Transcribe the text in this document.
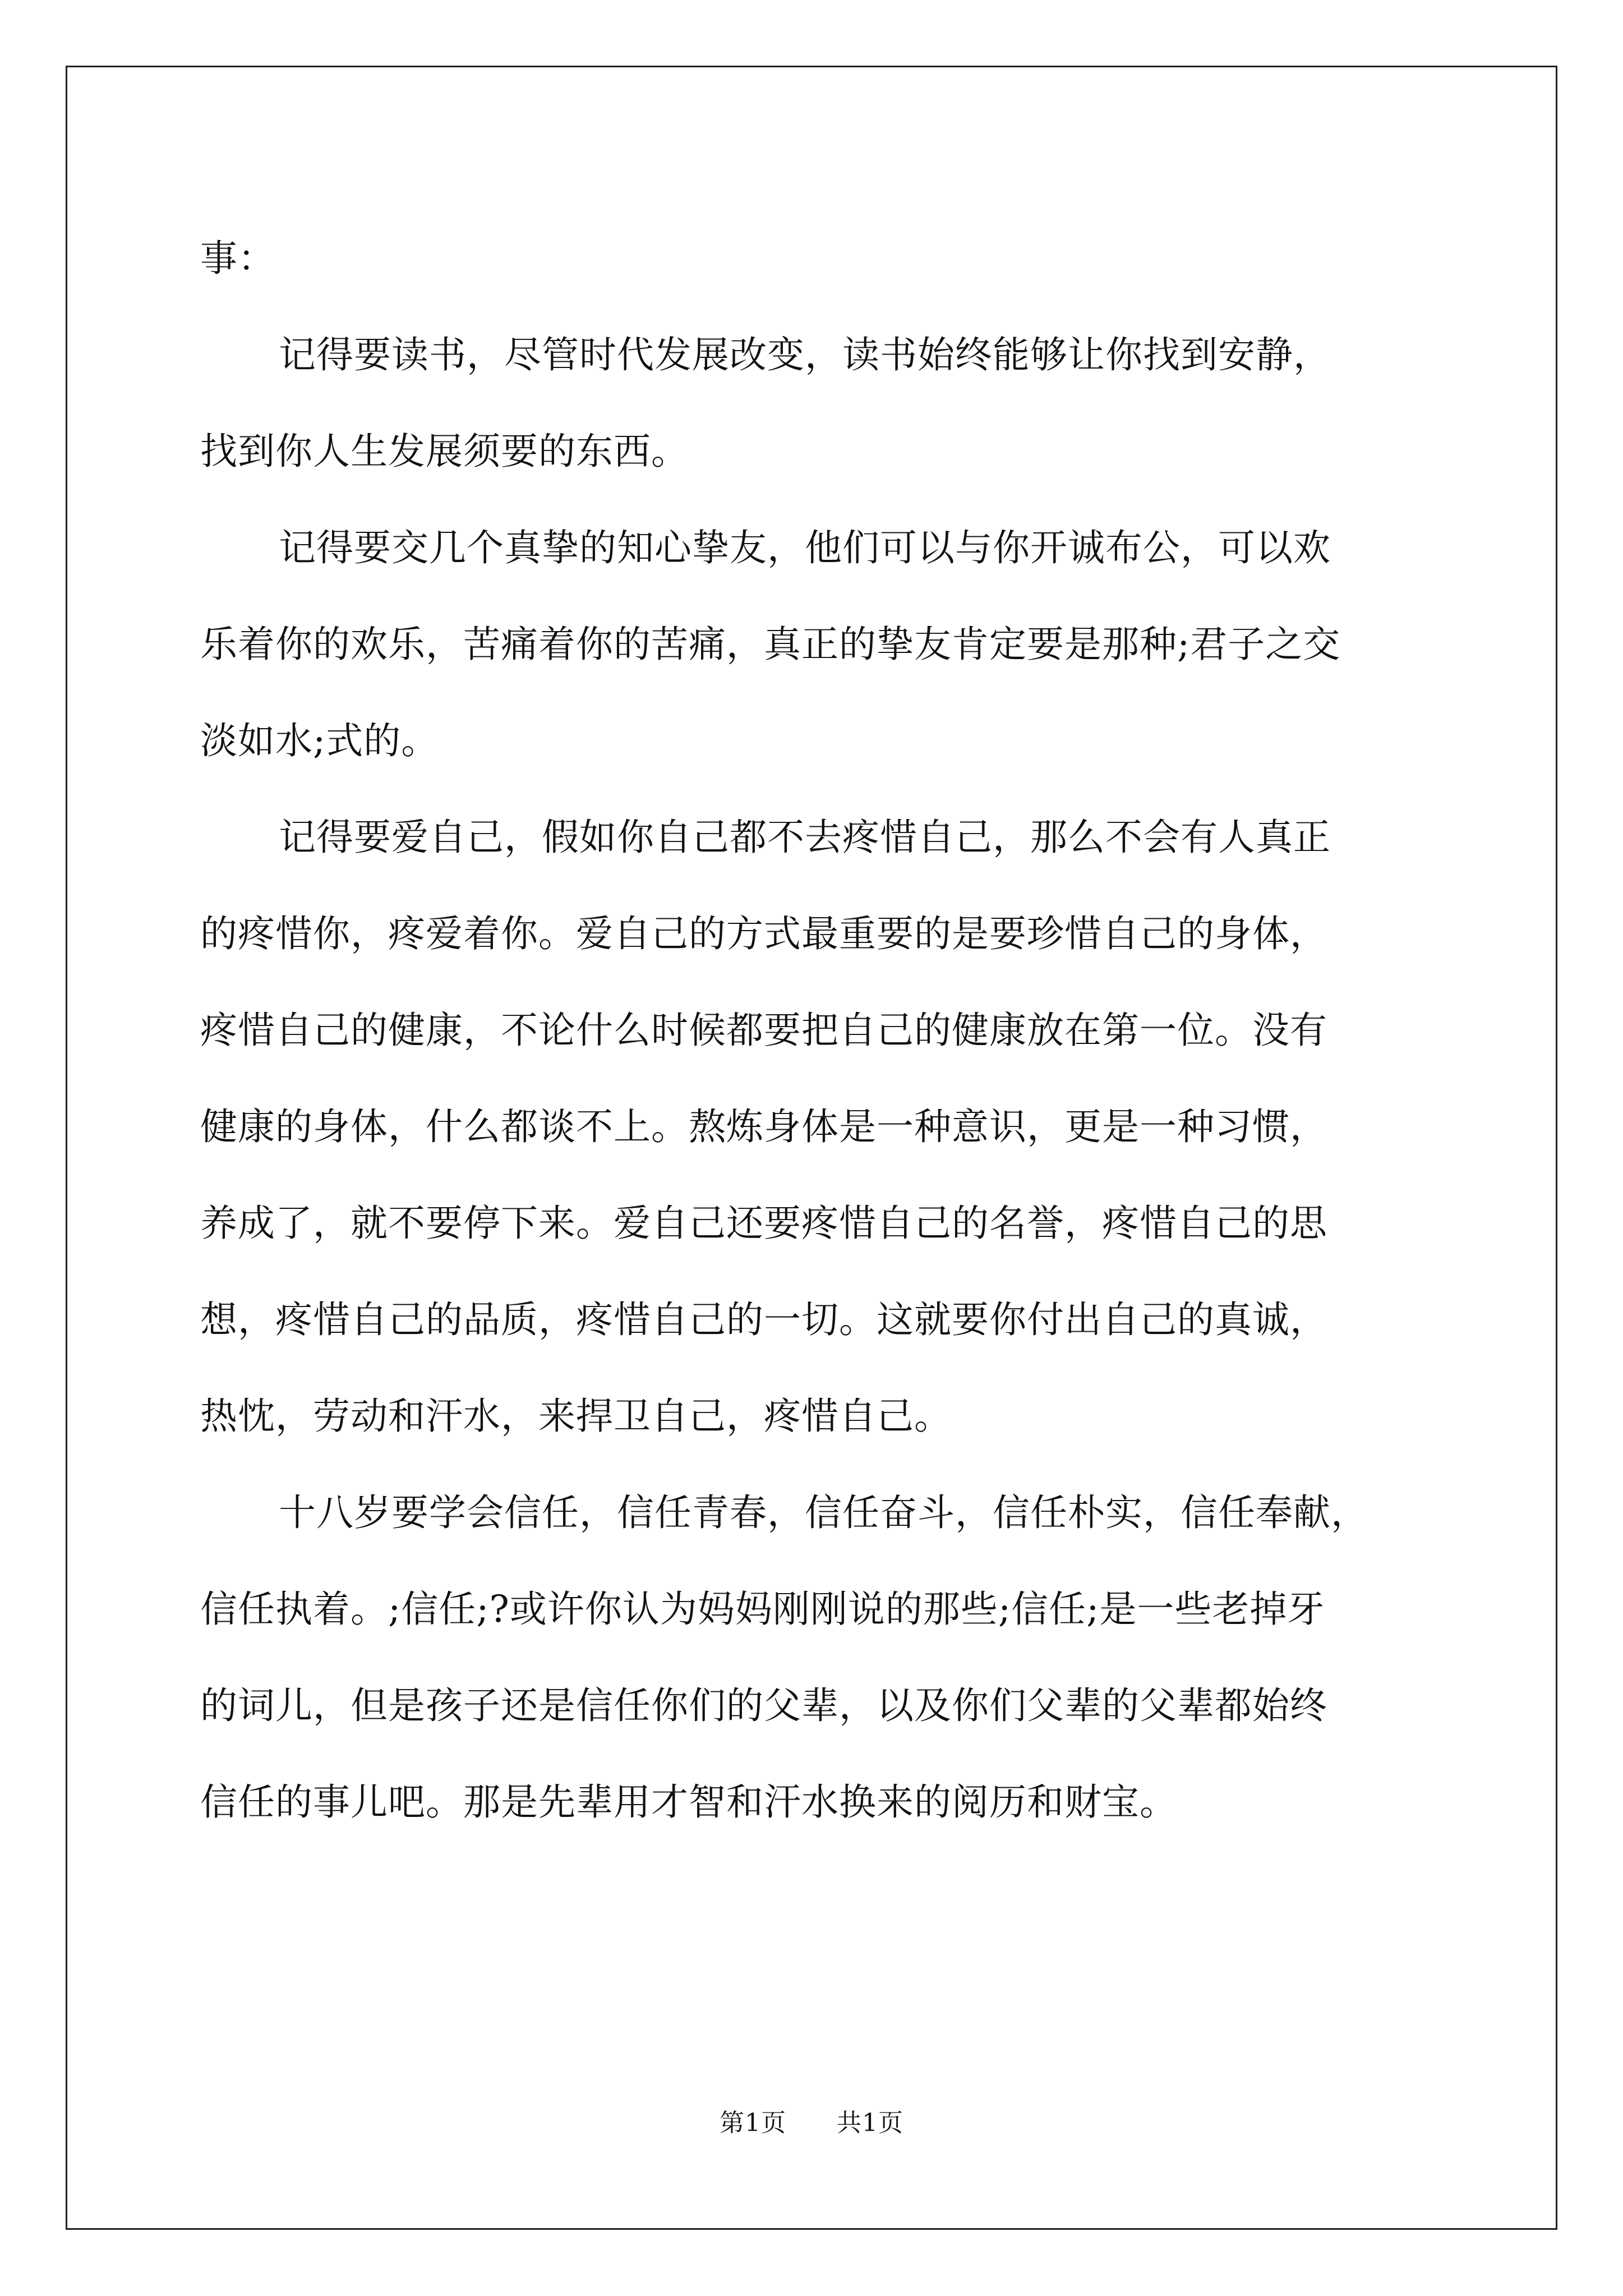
事：
记得要读书，尽管时代发展改变，读书始终能够让你找到安静，
找到你人生发展须要的东西。
记得要交几个真挚的知心挚友，他们可以与你开诚布公，可以欢
乐着你的欢乐，苦痛着你的苦痛，真正的挚友肯定要是那种;君子之交
淡如水;式的。
记得要爱自己，假如你自己都不去疼惜自己，那么不会有人真正
的疼惜你，疼爱着你。爱自己的方式最重要的是要珍惜自己的身体，
疼惜自己的健康，不论什么时候都要把自己的健康放在第一位。没有
健康的身体，什么都谈不上。熬炼身体是一种意识，更是一种习惯，
养成了，就不要停下来。爱自己还要疼惜自己的名誉，疼惜自己的思
想，疼惜自己的品质，疼惜自己的一切。这就要你付出自己的真诚，
热忱，劳动和汗水，来捍卫自己，疼惜自己。
十八岁要学会信任，信任青春，信任奋斗，信任朴实，信任奉献，
信任执着。;信任;?或许你认为妈妈刚刚说的那些;信任;是一些老掉牙
的词儿，但是孩子还是信任你们的父辈，以及你们父辈的父辈都始终
信任的事儿吧。那是先辈用才智和汗水换来的阅历和财宝。
第1页 共1页
